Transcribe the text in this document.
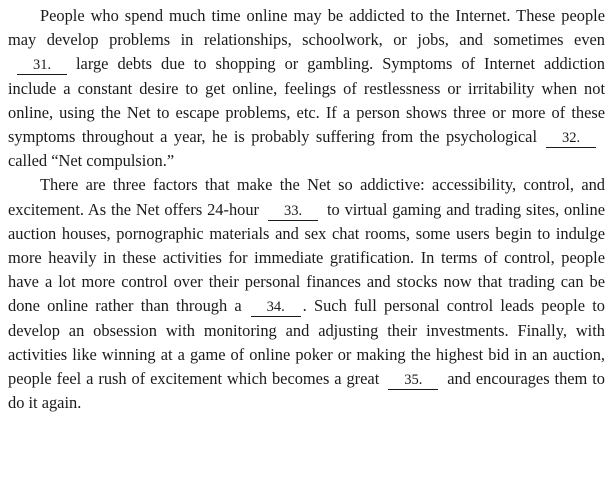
People who spend much time online may be addicted to the Internet. These people may develop problems in relationships, schoolwork, or jobs, and sometimes even31. large debts due to shopping or gambling. Symptoms of Internet addiction include a constant desire to get online, feelings of restlessness or irritability when not online, using the Net to escape problems, etc. If a person shows three or more of these symptoms throughout a year, he is probably suffering from the psychological 32.called “Net compulsion.”

There are three factors that make the Net so addictive: accessibility, control, and excitement. As the Net offers 24-hour 33. to virtual gaming and trading sites, online auction houses, pornographic materials and sex chat rooms, some users begin to indulge more heavily in these activities for immediate gratification. In terms of control, people have a lot more control over their personal finances and stocks now that trading can be done online rather than through a 34. . Such full personal control leads people to develop an obsession with monitoring and adjusting their investments. Finally, with activities like winning at a game of online poker or making the highest bid in an auction, people feel a rush of excitement which becomes a great 35. and encourages them to do it again.
